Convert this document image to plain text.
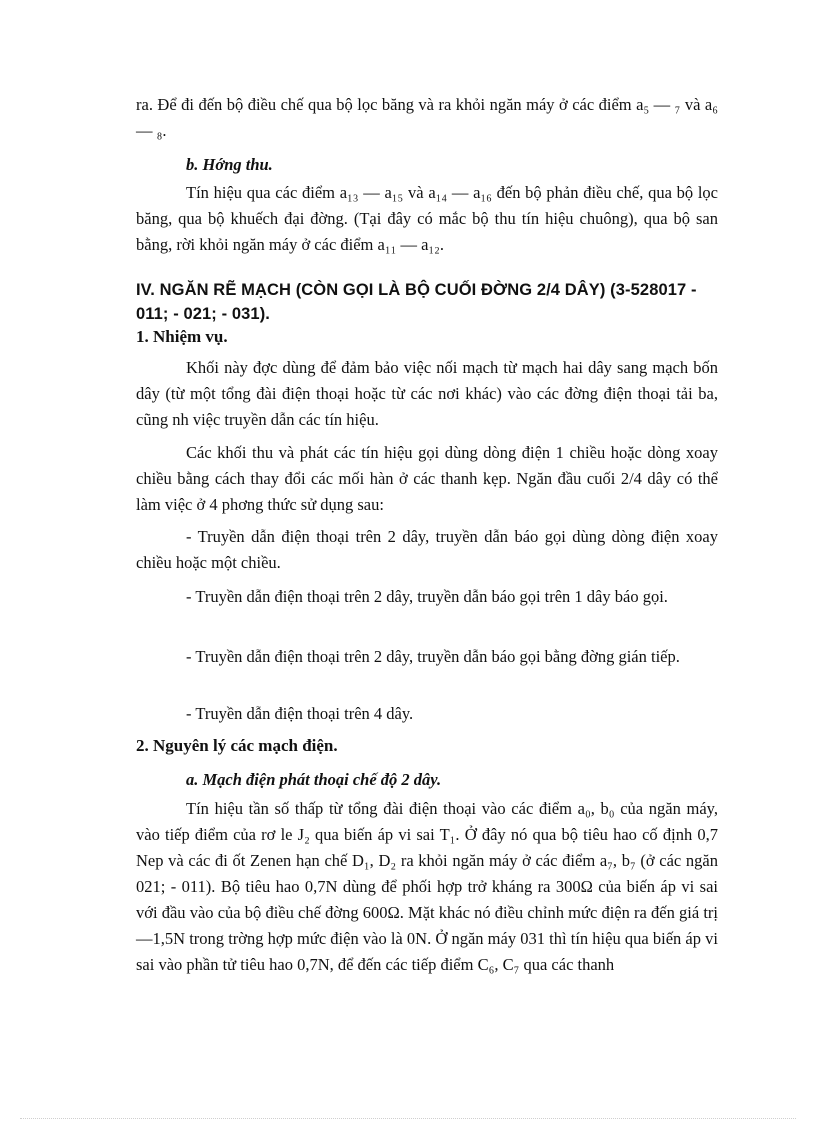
ra. Để đi đến bộ điều chế qua bộ lọc băng và ra khỏi ngăn máy ở các điểm a₅ — ₇ và a₆ — ₈.

b. Hớng thu.

Tín hiệu qua các điểm a₁₃ — a₁₅ và a₁₄ — a₁₆ đến bộ phản điều chế, qua bộ lọc băng, qua bộ khuếch đại đờng. (Tại đây có mắc bộ thu tín hiệu chuông), qua bộ san bằng, rời khỏi ngăn máy ở các điểm a₁₁ — a₁₂.

IV. NGĂN RẼ MẠCH (CÒN GỌI LÀ BỘ CUỐI ĐỜNG 2/4 DÂY) (3-528017 - 011; - 021; - 031).
1. Nhiệm vụ.

Khối này đợc dùng để đảm bảo việc nối mạch từ mạch hai dây sang mạch bốn dây (từ một tổng đài điện thoại hoặc từ các nơi khác) vào các đờng điện thoại tải ba, cũng nh việc truyền dẫn các tín hiệu.

Các khối thu và phát các tín hiệu gọi dùng dòng điện 1 chiều hoặc dòng xoay chiều bằng cách thay đổi các mối hàn ở các thanh kẹp. Ngăn đầu cuối 2/4 dây có thể làm việc ở 4 phơng thức sử dụng sau:

- Truyền dẫn điện thoại trên 2 dây, truyền dẫn báo gọi dùng dòng điện xoay chiều hoặc một chiều.

- Truyền dẫn điện thoại trên 2 dây, truyền dẫn báo gọi trên 1 dây báo gọi.

- Truyền dẫn điện thoại trên 2 dây, truyền dẫn báo gọi bằng đờng gián tiếp.

- Truyền dẫn điện thoại trên 4 dây.

2. Nguyên lý các mạch điện.

a. Mạch điện phát thoại chế độ 2 dây.

Tín hiệu tần số thấp từ tổng đài điện thoại vào các điểm a₀, b₀ của ngăn máy, vào tiếp điểm của rơ le J₂ qua biến áp vi sai T₁. Ở đây nó qua bộ tiêu hao cố định 0,7 Nep và các đi ốt Zenen hạn chế D₁, D₂ ra khỏi ngăn máy ở các điểm a₇, b₇ (ở các ngăn 021; - 011). Bộ tiêu hao 0,7N dùng để phối hợp trở kháng ra 300Ω của biến áp vi sai với đầu vào của bộ điều chế đờng 600Ω. Mặt khác nó điều chỉnh mức điện ra đến giá trị —1,5N trong trờng hợp mức điện vào là 0N. Ở ngăn máy 031 thì tín hiệu qua biến áp vi sai vào phần tử tiêu hao 0,7N, để đến các tiếp điểm C₆, C₇ qua các thanh
